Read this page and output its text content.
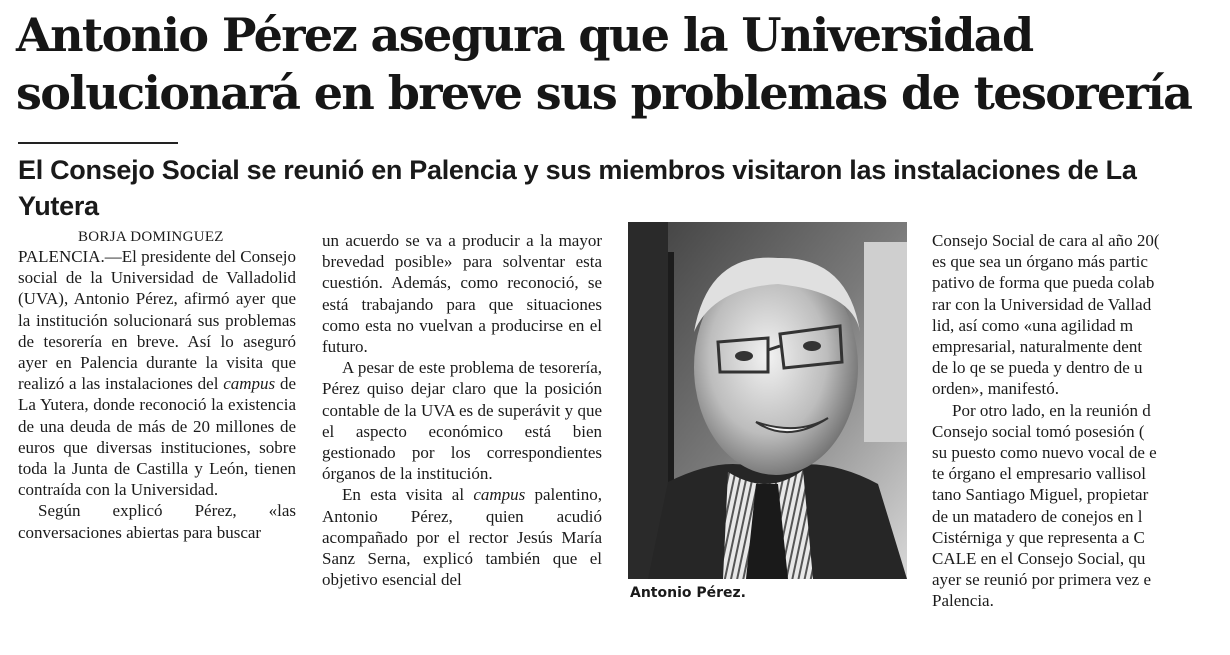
Antonio Pérez asegura que la Universidad solucionará en breve sus problemas de tesorería
El Consejo Social se reunió en Palencia y sus miembros visitaron las instalaciones de La Yutera
BORJA DOMINGUEZ

PALENCIA.—El presidente del Consejo social de la Universidad de Valladolid (UVA), Antonio Pérez, afirmó ayer que la institución solucionará sus problemas de tesorería en breve. Así lo aseguró ayer en Palencia durante la visita que realizó a las instalaciones del campus de La Yutera, donde reconoció la existencia de una deuda de más de 20 millones de euros que diversas instituciones, sobre toda la Junta de Castilla y León, tienen contraída con la Universidad.

Según explicó Pérez, «las conversaciones abiertas para buscar

un acuerdo se va a producir a la mayor brevedad posible» para solventar esta cuestión. Además, como reconoció, se está trabajando para que situaciones como esta no vuelvan a producirse en el futuro.

A pesar de este problema de tesorería, Pérez quiso dejar claro que la posición contable de la UVA es de superávit y que el aspecto económico está bien gestionado por los correspondientes órganos de la institución.

En esta visita al campus palentino, Antonio Pérez, quien acudió acompañado por el rector Jesús María Sanz Serna, explicó también que el objetivo esencial del

Antonio Pérez.

Consejo Social de cara al año 20(

es que sea un órgano más partic

pativo de forma que pueda colab

rar con la Universidad de Vallad

lid, así como «una agilidad m

empresarial, naturalmente dent

de lo qe se pueda y dentro de u

orden», manifestó.

Por otro lado, en la reunión d

Consejo social tomó posesión (

su puesto como nuevo vocal de e

te órgano el empresario vallisol

tano Santiago Miguel, propietar

de un matadero de conejos en l

Cistérniga y que representa a C

CALE en el Consejo Social, qu

ayer se reunió por primera vez e

Palencia.
